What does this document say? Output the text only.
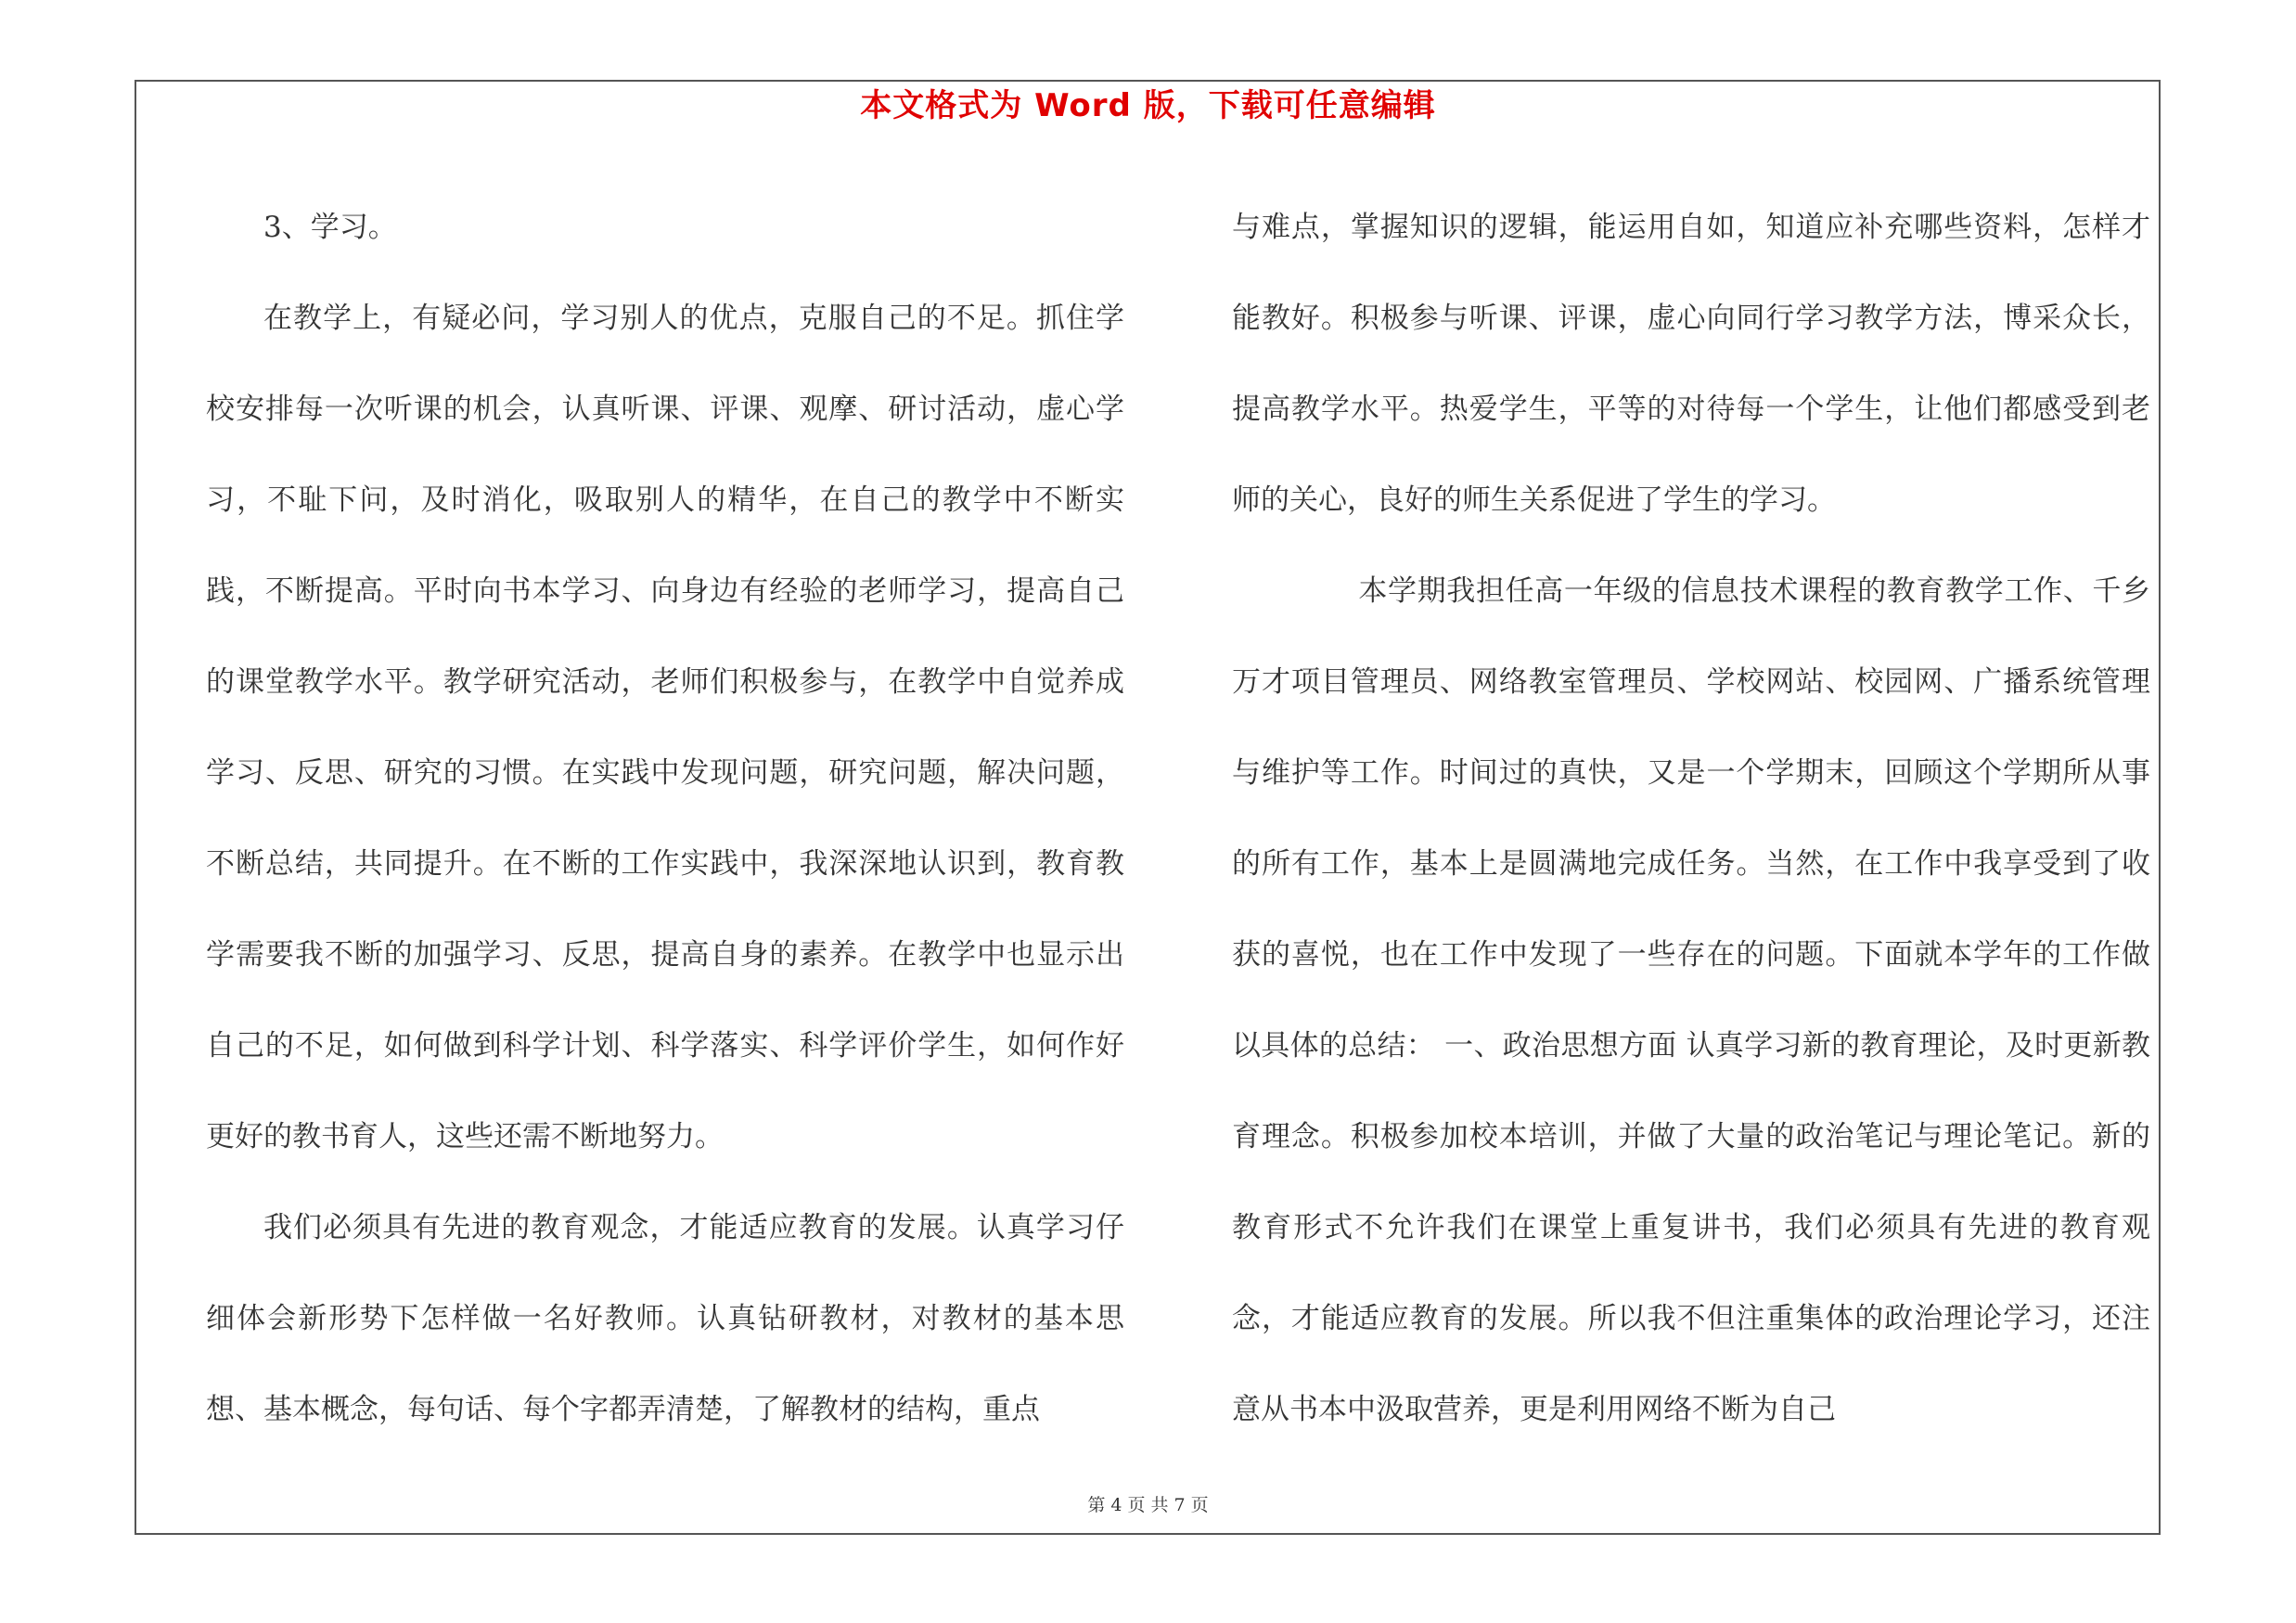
本文格式为 Word 版，下载可任意编辑

3、学习。

在教学上，有疑必问，学习别人的优点，克服自己的不足。抓住学校安排每一次听课的机会，认真听课、评课、观摩、研讨活动，虚心学习，不耻下问，及时消化，吸取别人的精华，在自己的教学中不断实践，不断提高。平时向书本学习、向身边有经验的老师学习，提高自己的课堂教学水平。教学研究活动，老师们积极参与，在教学中自觉养成学习、反思、研究的习惯。在实践中发现问题，研究问题，解决问题，不断总结，共同提升。在不断的工作实践中，我深深地认识到，教育教学需要我不断的加强学习、反思，提高自身的素养。在教学中也显示出自己的不足，如何做到科学计划、科学落实、科学评价学生，如何作好更好的教书育人，这些还需不断地努力。

我们必须具有先进的教育观念，才能适应教育的发展。认真学习仔细体会新形势下怎样做一名好教师。认真钻研教材，对教材的基本思想、基本概念，每句话、每个字都弄清楚，了解教材的结构，重点

与难点，掌握知识的逻辑，能运用自如，知道应补充哪些资料，怎样才能教好。积极参与听课、评课，虚心向同行学习教学方法，博采众长，提高教学水平。热爱学生，平等的对待每一个学生，让他们都感受到老师的关心，良好的师生关系促进了学生的学习。

本学期我担任高一年级的信息技术课程的教育教学工作、千乡万才项目管理员、网络教室管理员、学校网站、校园网、广播系统管理与维护等工作。时间过的真快，又是一个学期末，回顾这个学期所从事的所有工作，基本上是圆满地完成任务。当然，在工作中我享受到了收获的喜悦，也在工作中发现了一些存在的问题。下面就本学年的工作做以具体的总结： 一、政治思想方面 认真学习新的教育理论，及时更新教育理念。积极参加校本培训，并做了大量的政治笔记与理论笔记。新的教育形式不允许我们在课堂上重复讲书，我们必须具有先进的教育观念，才能适应教育的发展。所以我不但注重集体的政治理论学习，还注意从书本中汲取营养，更是利用网络不断为自己

第 4 页 共 7 页
